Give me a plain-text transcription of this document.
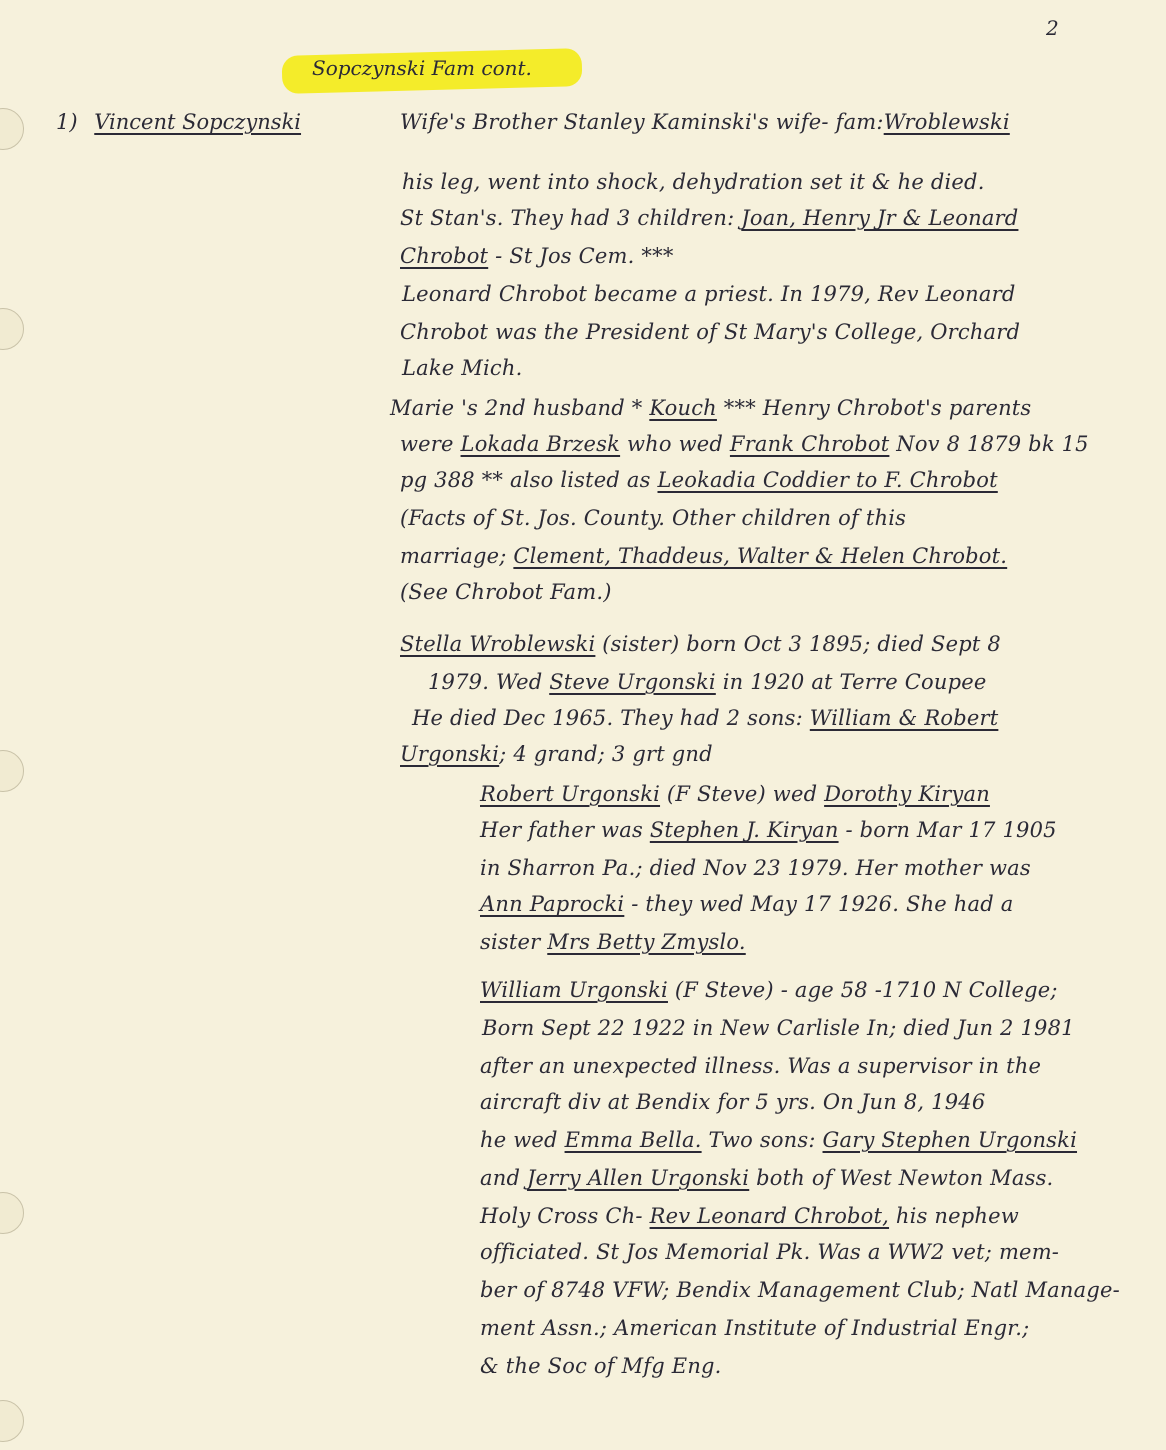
2
Sopczynski Fam cont.
1) Vincent Sopczynski	Wife's Brother Stanley Kaminski's wife- fam:Wroblewski
his leg, went into shock, dehydration set it & he died.
St Stan's. They had 3 children: Joan, Henry Jr & Leonard
Chrobot - St Jos Cem. ***
Leonard Chrobot became a priest. In 1979, Rev Leonard
Chrobot was the President of St Mary's College, Orchard
Lake Mich.
Marie 's 2nd husband * Kouch *** Henry Chrobot's parents
were Lokada Brzesk who wed Frank Chrobot Nov 8 1879 bk 15
pg 388 ** also listed as Leokadia Coddier to F. Chrobot
(Facts of St. Jos. County. Other children of this
marriage; Clement, Thaddeus, Walter & Helen Chrobot.
(See Chrobot Fam.)
Stella Wroblewski (sister) born Oct 3 1895; died Sept 8
1979. Wed Steve Urgonski in 1920 at Terre Coupee
He died Dec 1965. They had 2 sons: William & Robert
Urgonski; 4 grand; 3 grt gnd
Robert Urgonski (F Steve) wed Dorothy Kiryan
Her father was Stephen J. Kiryan - born Mar 17 1905
in Sharron Pa.; died Nov 23 1979. Her mother was
Ann Paprocki - they wed May 17 1926. She had a
sister Mrs Betty Zmyslo.
William Urgonski (F Steve) - age 58 -1710 N College;
Born Sept 22 1922 in New Carlisle In; died Jun 2 1981
after an unexpected illness. Was a supervisor in the
aircraft div at Bendix for 5 yrs. On Jun 8, 1946
he wed Emma Bella. Two sons: Gary Stephen Urgonski
and Jerry Allen Urgonski both of West Newton Mass.
Holy Cross Ch- Rev Leonard Chrobot, his nephew
officiated. St Jos Memorial Pk. Was a WW2 vet; mem-
ber of 8748 VFW; Bendix Management Club; Natl Manage-
ment Assn.; American Institute of Industrial Engr.;
& the Soc of Mfg Eng.
